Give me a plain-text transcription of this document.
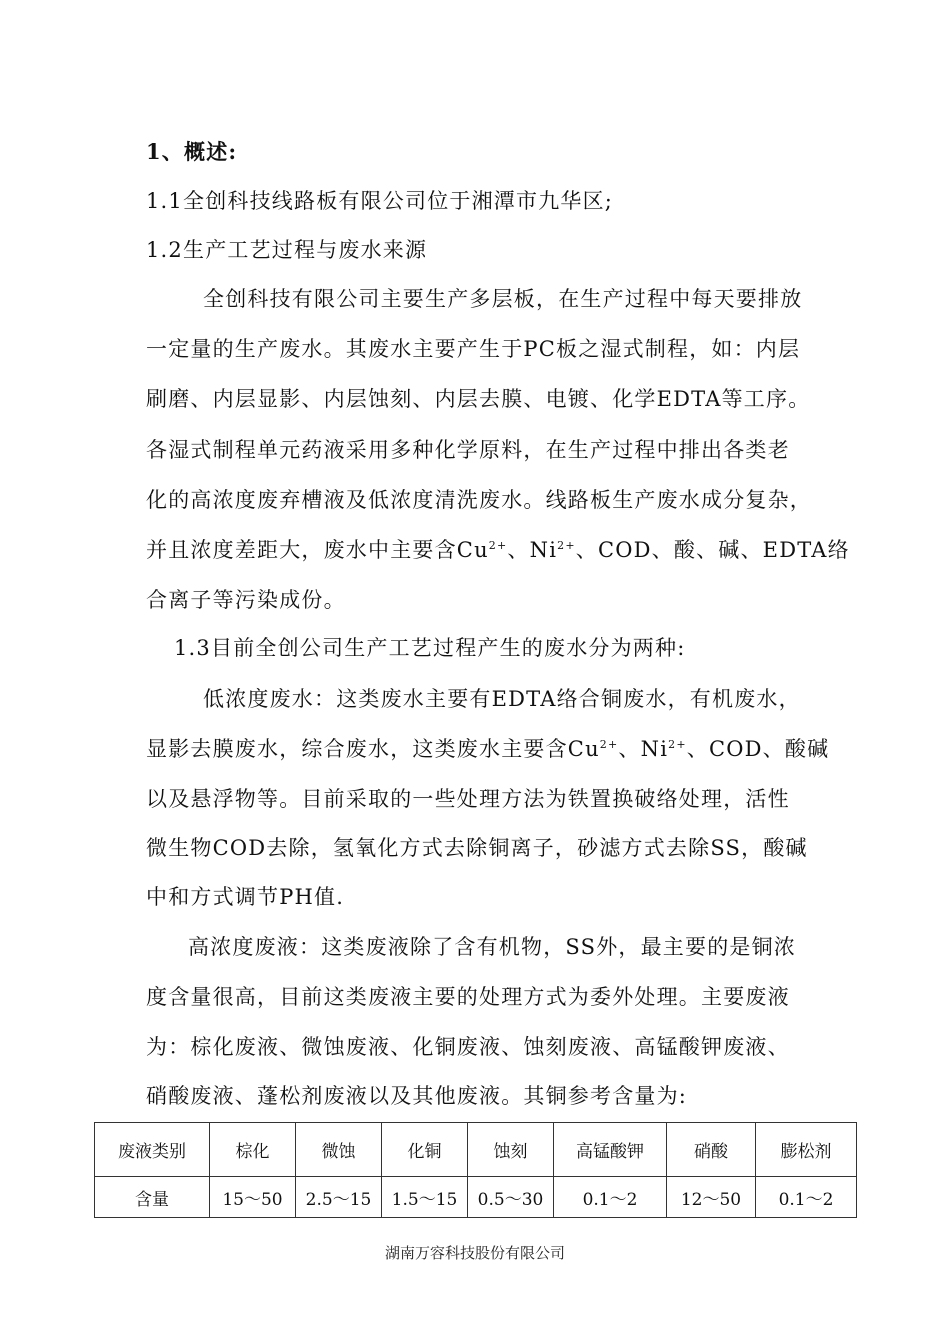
1、概述:
1.1全创科技线路板有限公司位于湘潭市九华区;
1.2生产工艺过程与废水来源
全创科技有限公司主要生产多层板，在生产过程中每天要排放
一定量的生产废水。其废水主要产生于PC板之湿式制程，如：内层
刷磨、内层显影、内层蚀刻、内层去膜、电镀、化学EDTA等工序。
各湿式制程单元药液采用多种化学原料，在生产过程中排出各类老
化的高浓度废弃槽液及低浓度清洗废水。线路板生产废水成分复杂，
并且浓度差距大，废水中主要含$Cu^{2+}$、$Ni^{2+}$、COD、酸、碱、EDTA络
合离子等污染成份。
1.3目前全创公司生产工艺过程产生的废水分为两种:
低浓度废水：这类废水主要有EDTA络合铜废水，有机废水，
显影去膜废水，综合废水，这类废水主要含$Cu^{2+}$、$Ni^{2+}$、COD、酸碱
以及悬浮物等。目前采取的一些处理方法为铁置换破络处理，活性
微生物COD去除，氢氧化方式去除铜离子，砂滤方式去除SS，酸碱
中和方式调节PH值.
高浓度废液：这类废液除了含有机物，SS外，最主要的是铜浓
度含量很高，目前这类废液主要的处理方式为委外处理。主要废液
为：棕化废液、微蚀废液、化铜废液、蚀刻废液、高锰酸钾废液、
硝酸废液、蓬松剂废液以及其他废液。其铜参考含量为:
废液类别	棕化	微蚀	化铜	蚀刻	高锰酸钾	硝酸	膨松剂
含量	15～50	2.5～15	1.5～15	0.5～30	0.1～2	12～50	0.1～2
湖南万容科技股份有限公司
